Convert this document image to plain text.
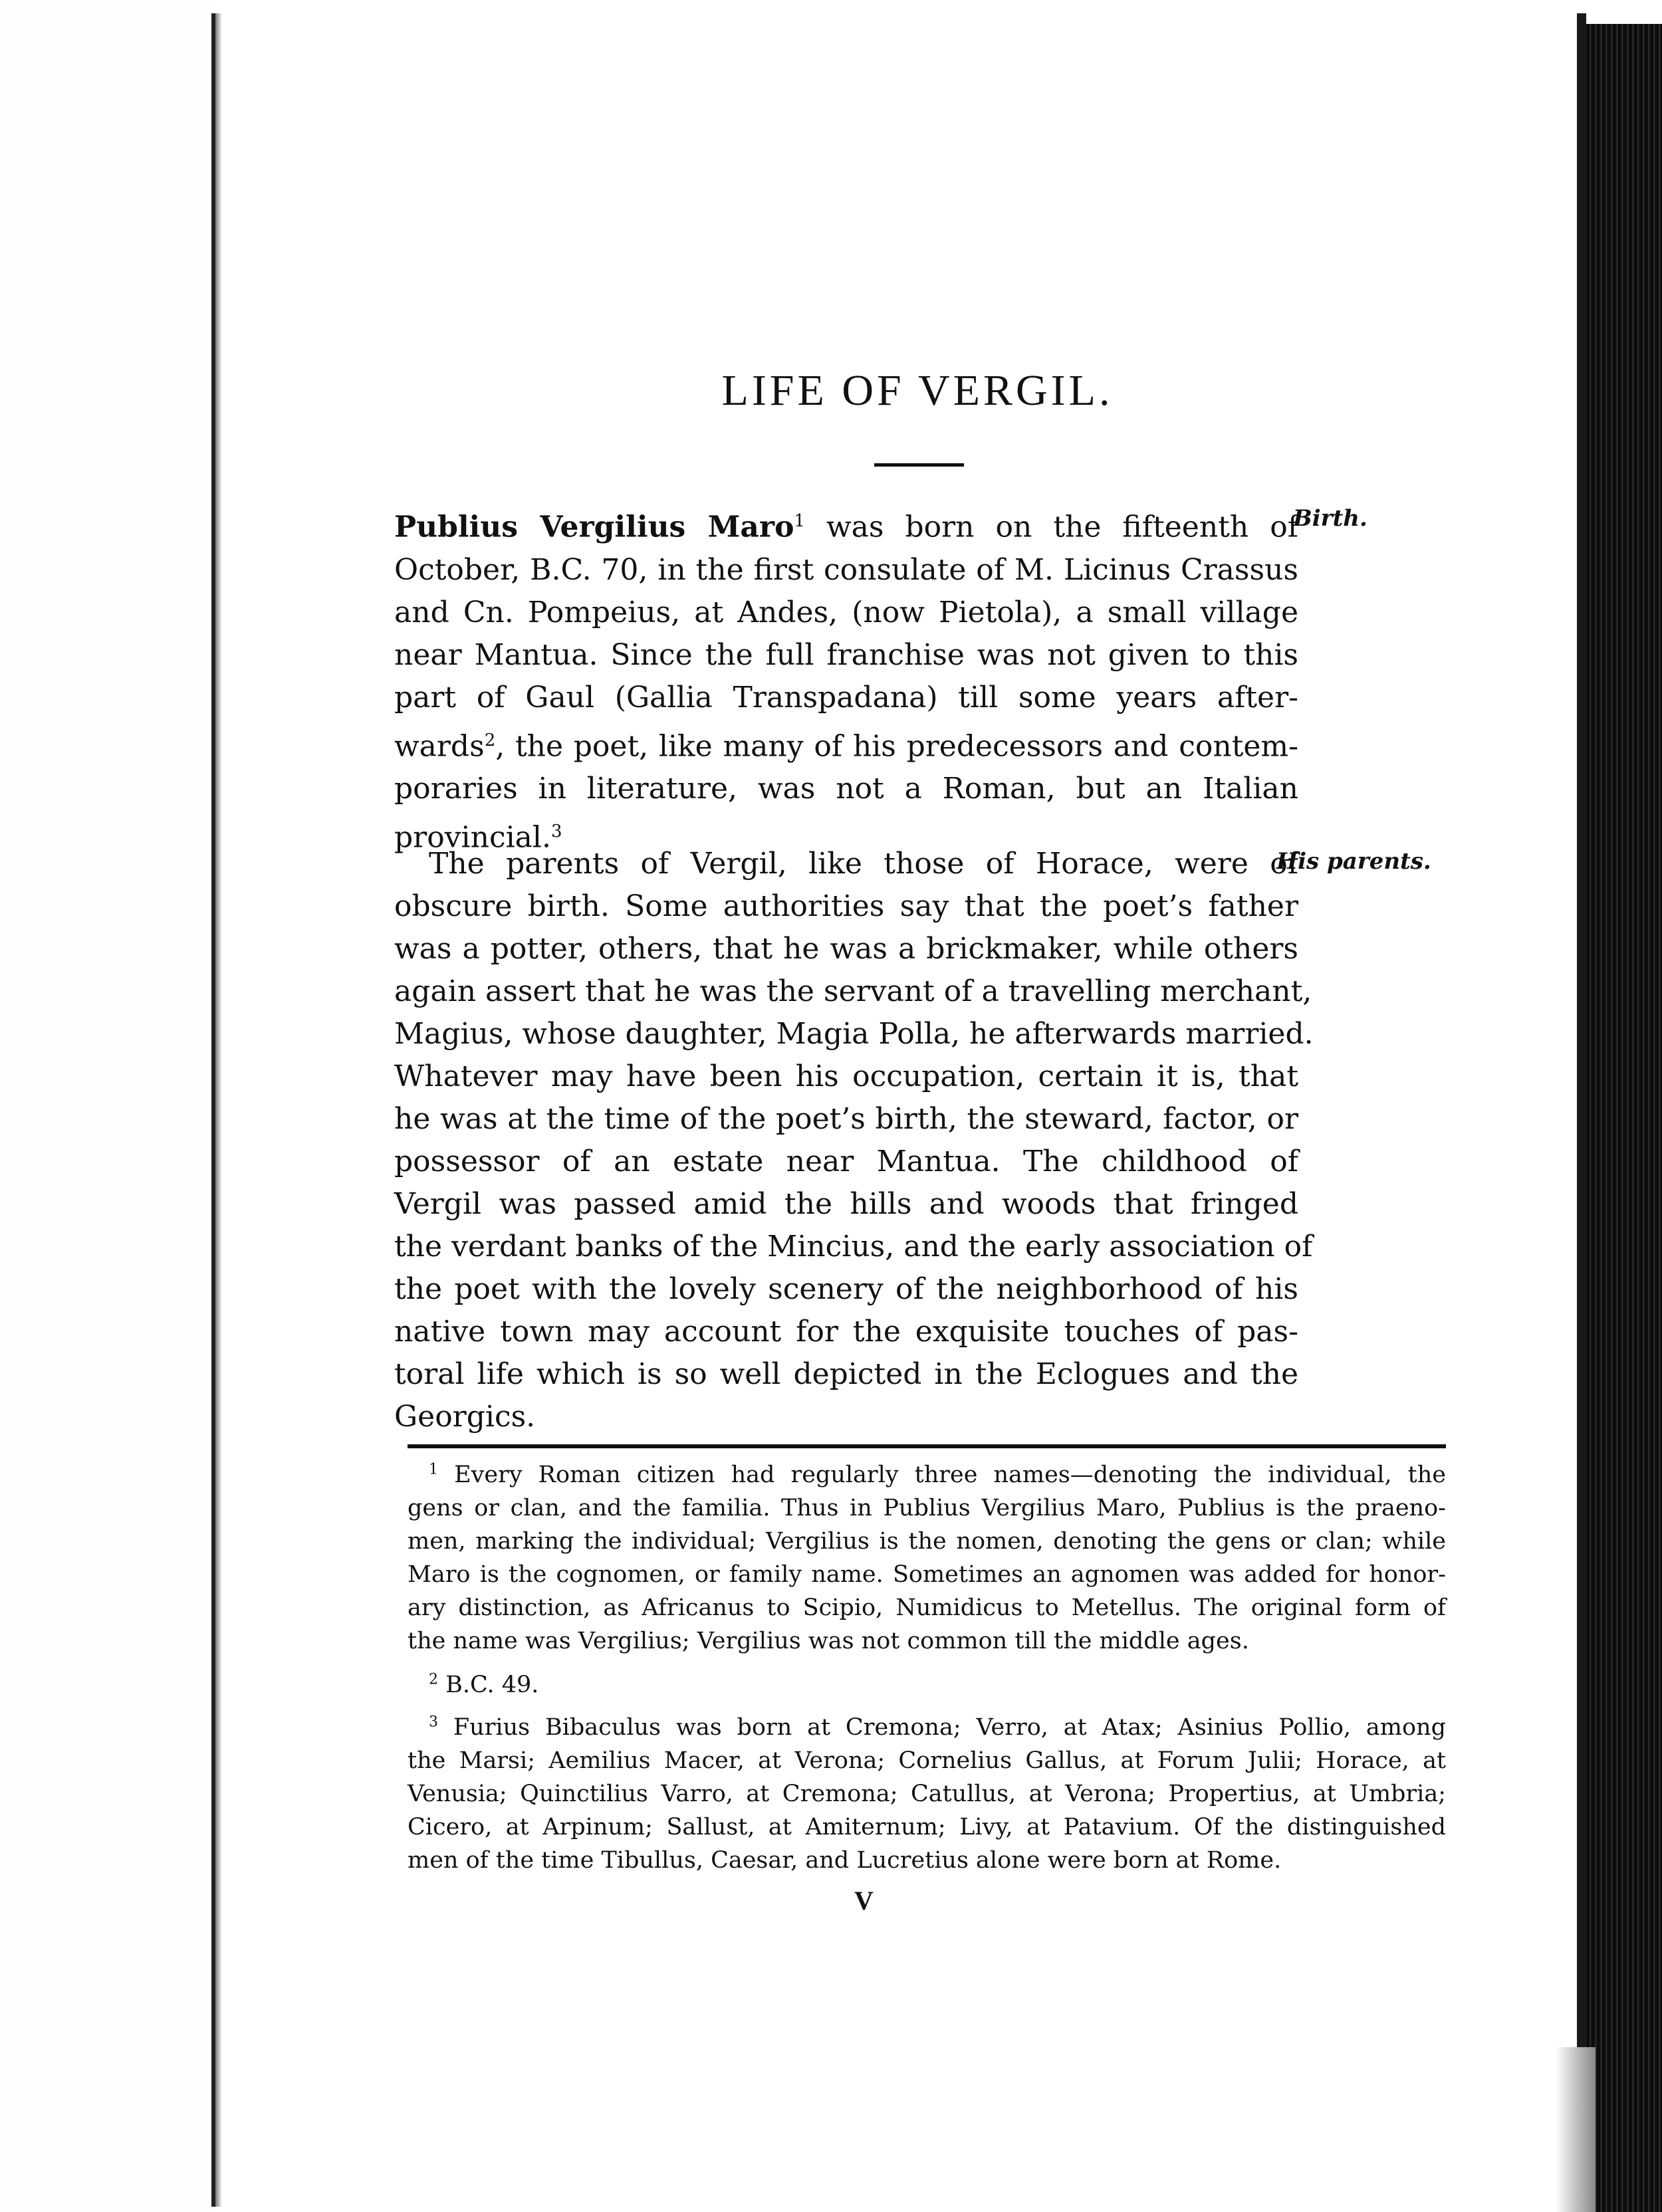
LIFE OF VERGIL.
Birth.
His parents.
Publius Vergilius Maro$^1$ was born on the fifteenth of
October, B.C. 70, in the first consulate of M. Licinus Crassus
and Cn. Pompeius, at Andes, (now Pietola), a small village
near Mantua. Since the full franchise was not given to this
part of Gaul (Gallia Transpadana) till some years after-
wards$^2$, the poet, like many of his predecessors and contem-
poraries in literature, was not a Roman, but an Italian
provincial.$^3$
The parents of Vergil, like those of Horace, were of
obscure birth. Some authorities say that the poet’s father
was a potter, others, that he was a brickmaker, while others
again assert that he was the servant of a travelling merchant,
Magius, whose daughter, Magia Polla, he afterwards married.
Whatever may have been his occupation, certain it is, that
he was at the time of the poet’s birth, the steward, factor, or
possessor of an estate near Mantua. The childhood of
Vergil was passed amid the hills and woods that fringed
the verdant banks of the Mincius, and the early association of
the poet with the lovely scenery of the neighborhood of his
native town may account for the exquisite touches of pas-
toral life which is so well depicted in the Eclogues and the
Georgics.
$^1$ Every Roman citizen had regularly three names—denoting the individual, the
gens or clan, and the familia. Thus in Publius Vergilius Maro, Publius is the praeno-
men, marking the individual; Vergilius is the nomen, denoting the gens or clan; while
Maro is the cognomen, or family name. Sometimes an agnomen was added for honor-
ary distinction, as Africanus to Scipio, Numidicus to Metellus. The original form of
the name was Vergilius; Vergilius was not common till the middle ages.
$^2$ B.C. 49.
$^3$ Furius Bibaculus was born at Cremona; Verro, at Atax; Asinius Pollio, among
the Marsi; Aemilius Macer, at Verona; Cornelius Gallus, at Forum Julii; Horace, at
Venusia; Quinctilius Varro, at Cremona; Catullus, at Verona; Propertius, at Umbria;
Cicero, at Arpinum; Sallust, at Amiternum; Livy, at Patavium. Of the distinguished
men of the time Tibullus, Caesar, and Lucretius alone were born at Rome.
V
